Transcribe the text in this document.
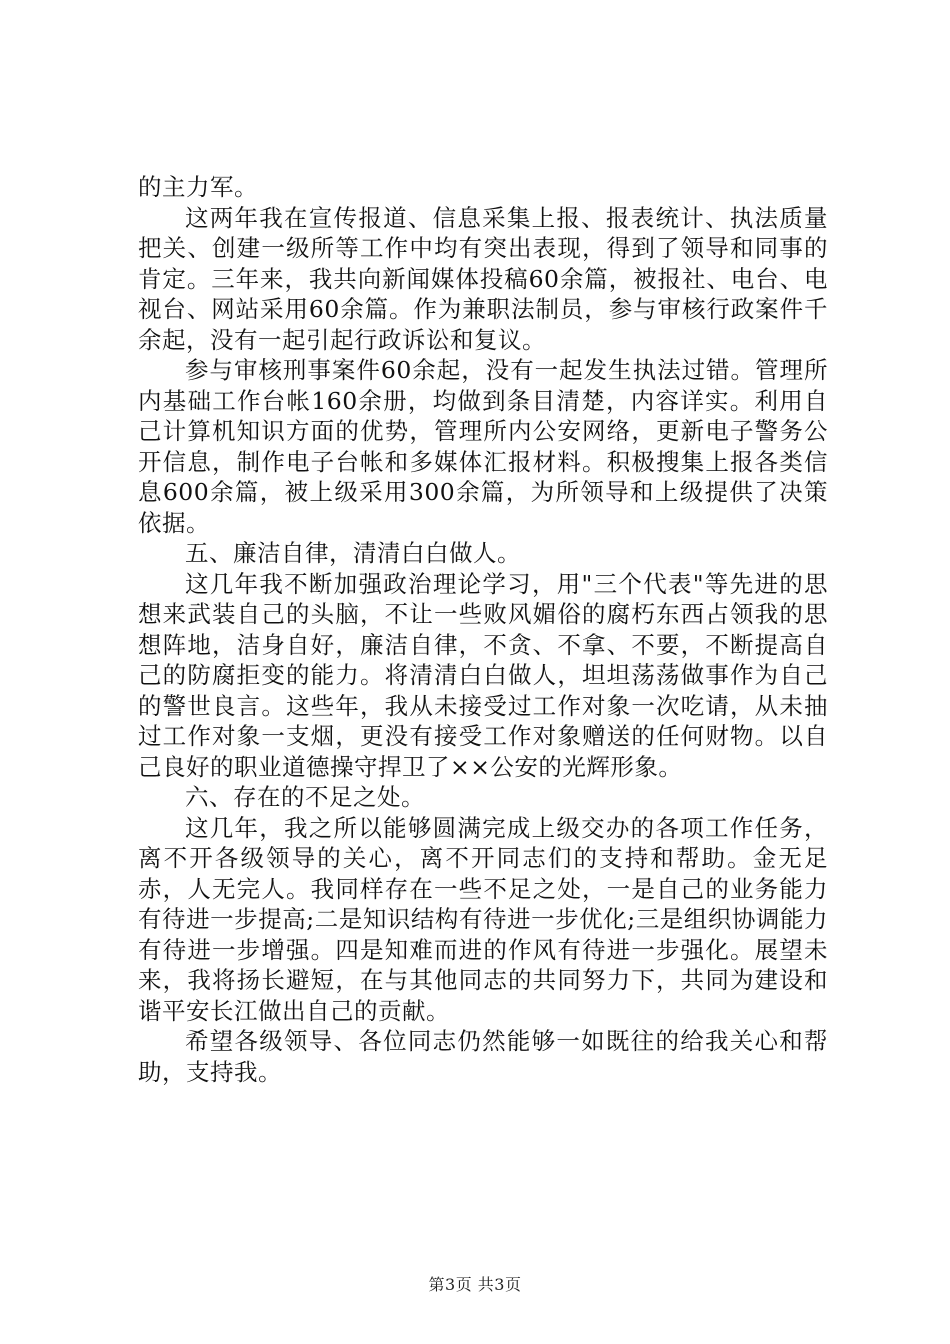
的主力军。

这两年我在宣传报道、信息采集上报、报表统计、执法质量把关、创建一级所等工作中均有突出表现，得到了领导和同事的肯定。三年来，我共向新闻媒体投稿60余篇，被报社、电台、电视台、网站采用60余篇。作为兼职法制员，参与审核行政案件千余起，没有一起引起行政诉讼和复议。

参与审核刑事案件60余起，没有一起发生执法过错。管理所内基础工作台帐160余册，均做到条目清楚，内容详实。利用自己计算机知识方面的优势，管理所内公安网络，更新电子警务公开信息，制作电子台帐和多媒体汇报材料。积极搜集上报各类信息600余篇，被上级采用300余篇，为所领导和上级提供了决策依据。

五、廉洁自律，清清白白做人。

这几年我不断加强政治理论学习，用"三个代表"等先进的思想来武装自己的头脑，不让一些败风媚俗的腐朽东西占领我的思想阵地，洁身自好，廉洁自律，不贪、不拿、不要，不断提高自己的防腐拒变的能力。将清清白白做人，坦坦荡荡做事作为自己的警世良言。这些年，我从未接受过工作对象一次吃请，从未抽过工作对象一支烟，更没有接受工作对象赠送的任何财物。以自己良好的职业道德操守捍卫了××公安的光辉形象。

六、存在的不足之处。

这几年，我之所以能够圆满完成上级交办的各项工作任务，离不开各级领导的关心，离不开同志们的支持和帮助。金无足赤，人无完人。我同样存在一些不足之处，一是自己的业务能力有待进一步提高;二是知识结构有待进一步优化;三是组织协调能力有待进一步增强。四是知难而进的作风有待进一步强化。展望未来，我将扬长避短，在与其他同志的共同努力下，共同为建设和谐平安长江做出自己的贡献。

希望各级领导、各位同志仍然能够一如既往的给我关心和帮助，支持我。

第3页 共3页
